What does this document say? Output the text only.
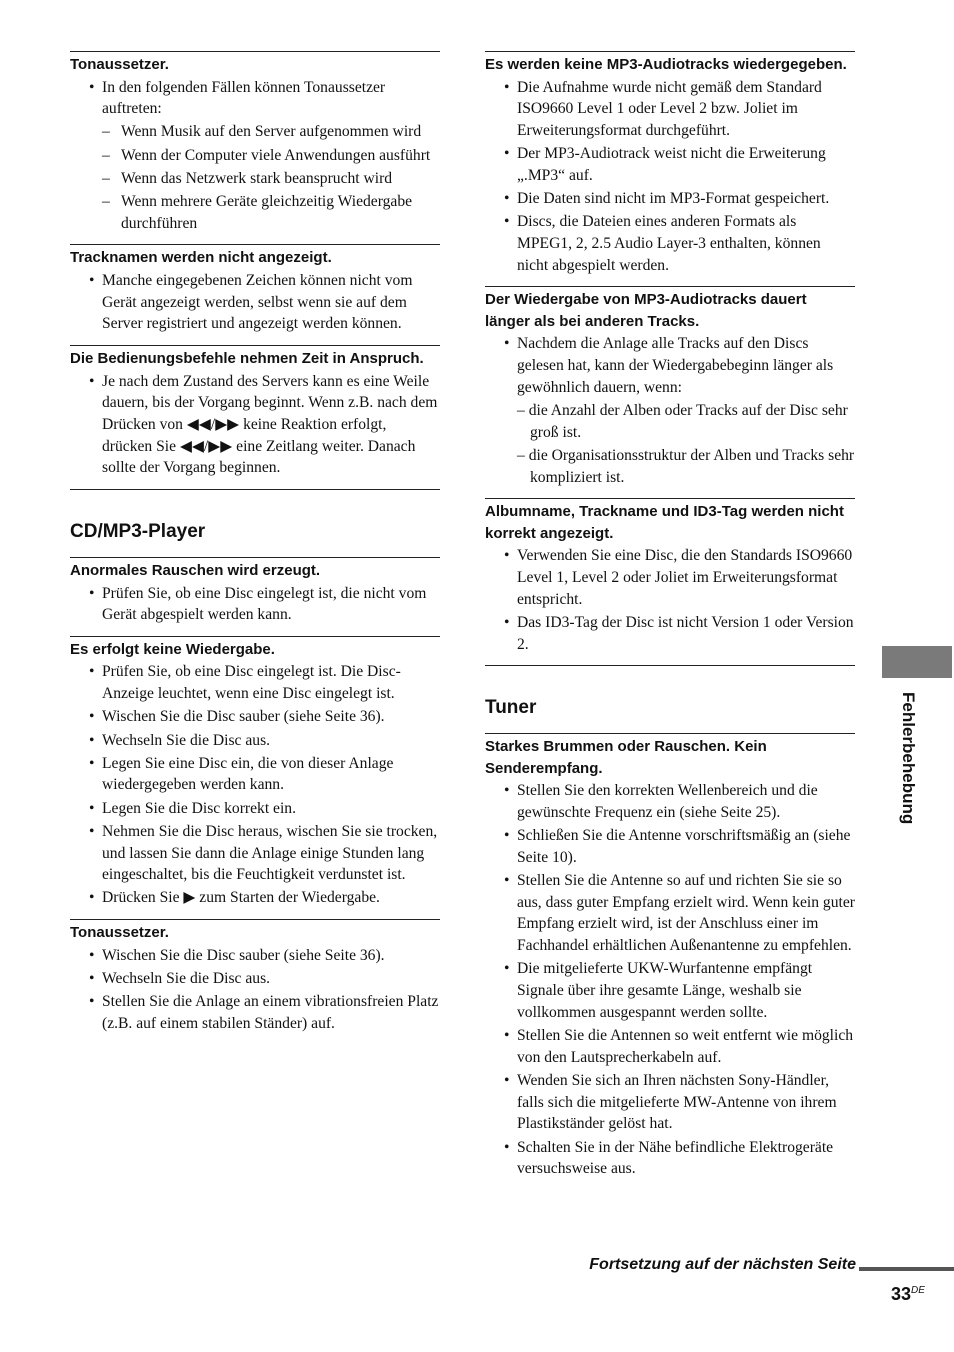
Tonaussetzer.
• In den folgenden Fällen können Tonaussetzer auftreten:
– Wenn Musik auf den Server aufgenommen wird
– Wenn der Computer viele Anwendungen ausführt
– Wenn das Netzwerk stark beansprucht wird
– Wenn mehrere Geräte gleichzeitig Wiedergabe durchführen
Tracknamen werden nicht angezeigt.
• Manche eingegebenen Zeichen können nicht vom Gerät angezeigt werden, selbst wenn sie auf dem Server registriert und angezeigt werden können.
Die Bedienungsbefehle nehmen Zeit in Anspruch.
• Je nach dem Zustand des Servers kann es eine Weile dauern, bis der Vorgang beginnt. Wenn z.B. nach dem Drücken von ◀◀/▶▶ keine Reaktion erfolgt, drücken Sie ◀◀/▶▶ eine Zeitlang weiter. Danach sollte der Vorgang beginnen.
CD/MP3-Player
Anormales Rauschen wird erzeugt.
• Prüfen Sie, ob eine Disc eingelegt ist, die nicht vom Gerät abgespielt werden kann.
Es erfolgt keine Wiedergabe.
• Prüfen Sie, ob eine Disc eingelegt ist. Die Disc-Anzeige leuchtet, wenn eine Disc eingelegt ist.
• Wischen Sie die Disc sauber (siehe Seite 36).
• Wechseln Sie die Disc aus.
• Legen Sie eine Disc ein, die von dieser Anlage wiedergegeben werden kann.
• Legen Sie die Disc korrekt ein.
• Nehmen Sie die Disc heraus, wischen Sie sie trocken, und lassen Sie dann die Anlage einige Stunden lang eingeschaltet, bis die Feuchtigkeit verdunstet ist.
• Drücken Sie ▶ zum Starten der Wiedergabe.
Tonaussetzer.
• Wischen Sie die Disc sauber (siehe Seite 36).
• Wechseln Sie die Disc aus.
• Stellen Sie die Anlage an einem vibrationsfreien Platz (z.B. auf einem stabilen Ständer) auf.
Es werden keine MP3-Audiotracks wiedergegeben.
• Die Aufnahme wurde nicht gemäß dem Standard ISO9660 Level 1 oder Level 2 bzw. Joliet im Erweiterungsformat durchgeführt.
• Der MP3-Audiotrack weist nicht die Erweiterung „.MP3“ auf.
• Die Daten sind nicht im MP3-Format gespeichert.
• Discs, die Dateien eines anderen Formats als MPEG1, 2, 2.5 Audio Layer-3 enthalten, können nicht abgespielt werden.
Der Wiedergabe von MP3-Audiotracks dauert länger als bei anderen Tracks.
• Nachdem die Anlage alle Tracks auf den Discs gelesen hat, kann der Wiedergabebeginn länger als gewöhnlich dauern, wenn:
– die Anzahl der Alben oder Tracks auf der Disc sehr groß ist.
– die Organisationsstruktur der Alben und Tracks sehr kompliziert ist.
Albumname, Trackname und ID3-Tag werden nicht korrekt angezeigt.
• Verwenden Sie eine Disc, die den Standards ISO9660 Level 1, Level 2 oder Joliet im Erweiterungsformat entspricht.
• Das ID3-Tag der Disc ist nicht Version 1 oder Version 2.
Tuner
Starkes Brummen oder Rauschen. Kein Senderempfang.
• Stellen Sie den korrekten Wellenbereich und die gewünschte Frequenz ein (siehe Seite 25).
• Schließen Sie die Antenne vorschriftsmäßig an (siehe Seite 10).
• Stellen Sie die Antenne so auf und richten Sie sie so aus, dass guter Empfang erzielt wird. Wenn kein guter Empfang erzielt wird, ist der Anschluss einer im Fachhandel erhältlichen Außenantenne zu empfehlen.
• Die mitgelieferte UKW-Wurfantenne empfängt Signale über ihre gesamte Länge, weshalb sie vollkommen ausgespannt werden sollte.
• Stellen Sie die Antennen so weit entfernt wie möglich von den Lautsprecherkabeln auf.
• Wenden Sie sich an Ihren nächsten Sony-Händler, falls sich die mitgelieferte MW-Antenne von ihrem Plastikständer gelöst hat.
• Schalten Sie in der Nähe befindliche Elektrogeräte versuchsweise aus.
Fehlerbehebung
Fortsetzung auf der nächsten Seite
33DE
